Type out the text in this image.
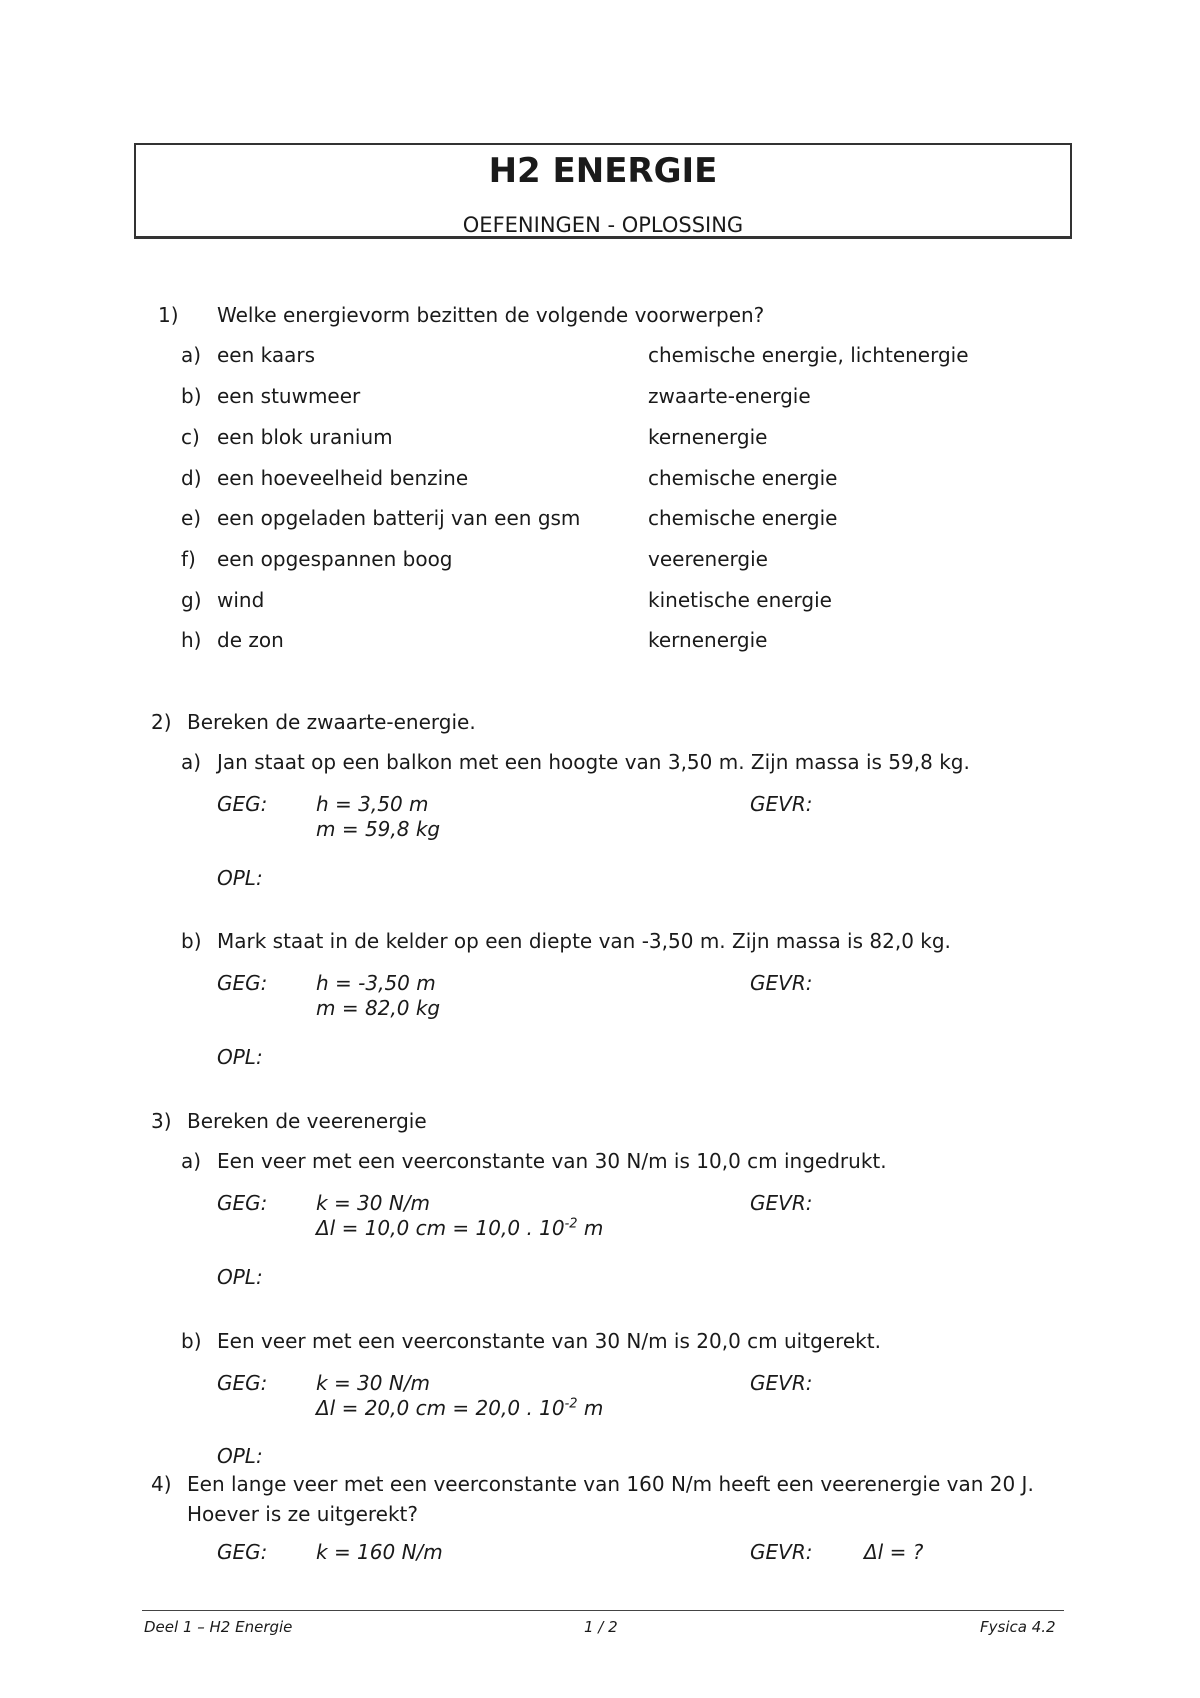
H2 ENERGIE
OEFENINGEN - OPLOSSING
1) Welke energievorm bezitten de volgende voorwerpen?
a) een kaars	chemische energie, lichtenergie
b) een stuwmeer	zwaarte-energie
c) een blok uranium	kernenergie
d) een hoeveelheid benzine	chemische energie
e) een opgeladen batterij van een gsm	chemische energie
f) een opgespannen boog	veerenergie
g) wind	kinetische energie
h) de zon	kernenergie
2) Bereken de zwaarte-energie.
a) Jan staat op een balkon met een hoogte van 3,50 m. Zijn massa is 59,8 kg.
GEG: h = 3,50 m
m = 59,8 kg
GEVR:
OPL:
b) Mark staat in de kelder op een diepte van -3,50 m. Zijn massa is 82,0 kg.
GEG: h = -3,50 m
m = 82,0 kg
GEVR:
OPL:
3) Bereken de veerenergie
a) Een veer met een veerconstante van 30 N/m is 10,0 cm ingedrukt.
GEG: k = 30 N/m
Δl = 10,0 cm = 10,0 . $10^{-2}$ m
GEVR:
OPL:
b) Een veer met een veerconstante van 30 N/m is 20,0 cm uitgerekt.
GEG: k = 30 N/m
Δl = 20,0 cm = 20,0 . $10^{-2}$ m
GEVR:
OPL:
4) Een lange veer met een veerconstante van 160 N/m heeft een veerenergie van 20 J.
Hoever is ze uitgerekt?
GEG: k = 160 N/m	GEVR:	Δl = ?
Deel 1 – H2 Energie	1 / 2	Fysica 4.2
